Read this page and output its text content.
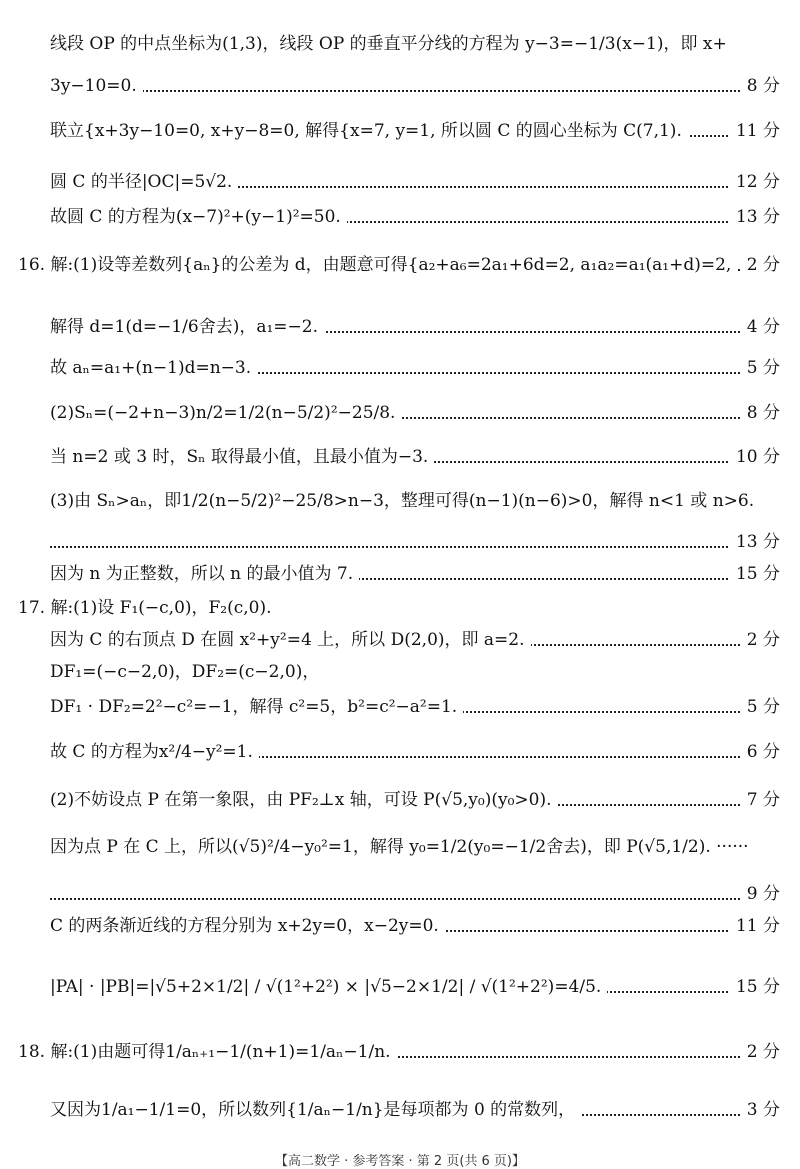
线段 OP 的中点坐标为(1,3)，线段 OP 的垂直平分线的方程为 y−3=−1/3(x−1)，即 x+
3y−10=0.	8 分
联立{x+3y−10=0, x+y−8=0, 解得{x=7, y=1, 所以圆 C 的圆心坐标为 C(7,1).	11 分
圆 C 的半径|OC|=5√2.	12 分
故圆 C 的方程为(x−7)²+(y−1)²=50.	13 分
16. 解:(1)设等差数列{aₙ}的公差为 d，由题意可得{a₂+a₆=2a₁+6d=2, a₁a₂=a₁(a₁+d)=2, 2 分
解得 d=1(d=−1/6舍去)，a₁=−2.	4 分
故 aₙ=a₁+(n−1)d=n−3.	5 分
(2)Sₙ=(−2+n−3)n/2=1/2(n−5/2)²−25/8.	8 分
当 n=2 或 3 时，Sₙ 取得最小值，且最小值为−3.	10 分
(3)由 Sₙ>aₙ，即1/2(n−5/2)²−25/8>n−3，整理可得(n−1)(n−6)>0，解得 n<1 或 n>6.
13 分
因为 n 为正整数，所以 n 的最小值为 7.	15 分
17. 解:(1)设 F₁(−c,0)，F₂(c,0).
因为 C 的右顶点 D 在圆 x²+y²=4 上，所以 D(2,0)，即 a=2.	2 分
DF₁=(−c−2,0)，DF₂=(c−2,0)，
DF₁ · DF₂=2²−c²=−1，解得 c²=5，b²=c²−a²=1.	5 分
故 C 的方程为x²/4−y²=1.	6 分
(2)不妨设点 P 在第一象限，由 PF₂⊥x 轴，可设 P(√5,y₀)(y₀>0).	7 分
因为点 P 在 C 上，所以(√5)²/4−y₀²=1，解得 y₀=1/2(y₀=−1/2舍去)，即 P(√5,1/2). ······
9 分
C 的两条渐近线的方程分别为 x+2y=0，x−2y=0.	11 分
|PA| · |PB|=|√5+2×1/2| / √(1²+2²) × |√5−2×1/2| / √(1²+2²)=4/5.	15 分
18. 解:(1)由题可得1/aₙ₊₁−1/(n+1)=1/aₙ−1/n.	2 分
又因为1/a₁−1/1=0，所以数列{1/aₙ−1/n}是每项都为 0 的常数列，	3 分
【高二数学 · 参考答案 · 第 2 页(共 6 页)】
